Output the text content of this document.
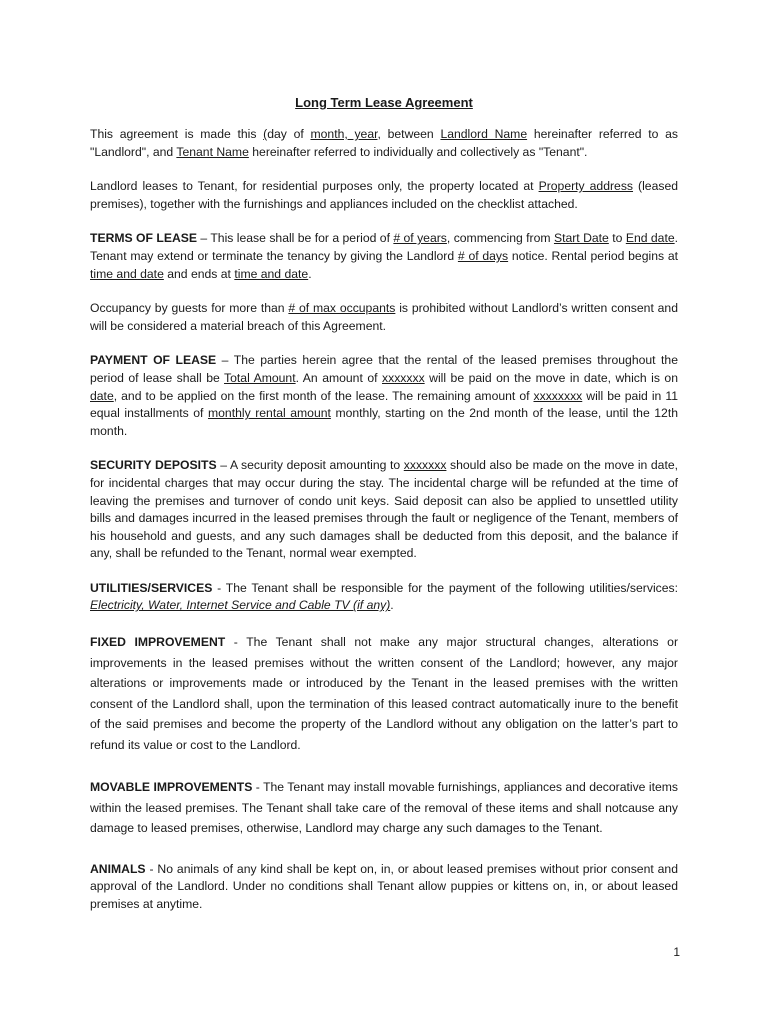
Long Term Lease Agreement

This agreement is made this (day of month, year, between Landlord Name hereinafter referred to as "Landlord", and Tenant Name hereinafter referred to individually and collectively as "Tenant".

Landlord leases to Tenant, for residential purposes only, the property located at Property address (leased premises), together with the furnishings and appliances included on the checklist attached.

TERMS OF LEASE – This lease shall be for a period of # of years, commencing from Start Date to End date. Tenant may extend or terminate the tenancy by giving the Landlord # of days notice. Rental period begins at time and date and ends at time and date.

Occupancy by guests for more than # of max occupants is prohibited without Landlord’s written consent and will be considered a material breach of this Agreement.

PAYMENT OF LEASE – The parties herein agree that the rental of the leased premises throughout the period of lease shall be Total Amount. An amount of xxxxxxx will be paid on the move in date, which is on date, and to be applied on the first month of the lease. The remaining amount of xxxxxxxx will be paid in 11 equal installments of monthly rental amount monthly, starting on the 2nd month of the lease, until the 12th month.

SECURITY DEPOSITS – A security deposit amounting to xxxxxxx should also be made on the move in date, for incidental charges that may occur during the stay. The incidental charge will be refunded at the time of leaving the premises and turnover of condo unit keys. Said deposit can also be applied to unsettled utility bills and damages incurred in the leased premises through the fault or negligence of the Tenant, members of his household and guests, and any such damages shall be deducted from this deposit, and the balance if any, shall be refunded to the Tenant, normal wear exempted.

UTILITIES/SERVICES - The Tenant shall be responsible for the payment of the following utilities/services: Electricity, Water, Internet Service and Cable TV (if any).

FIXED IMPROVEMENT - The Tenant shall not make any major structural changes, alterations or improvements in the leased premises without the written consent of the Landlord; however, any major alterations or improvements made or introduced by the Tenant in the leased premises with the written consent of the Landlord shall, upon the termination of this leased contract automatically inure to the benefit of the said premises and become the property of the Landlord without any obligation on the latter’s part to refund its value or cost to the Landlord.

MOVABLE IMPROVEMENTS - The Tenant may install movable furnishings, appliances and decorative items within the leased premises. The Tenant shall take care of the removal of these items and shall notcause any damage to leased premises, otherwise, Landlord may charge any such damages to the Tenant.

ANIMALS - No animals of any kind shall be kept on, in, or about leased premises without prior consent and approval of the Landlord. Under no conditions shall Tenant allow puppies or kittens on, in, or about leased premises at anytime.

1
